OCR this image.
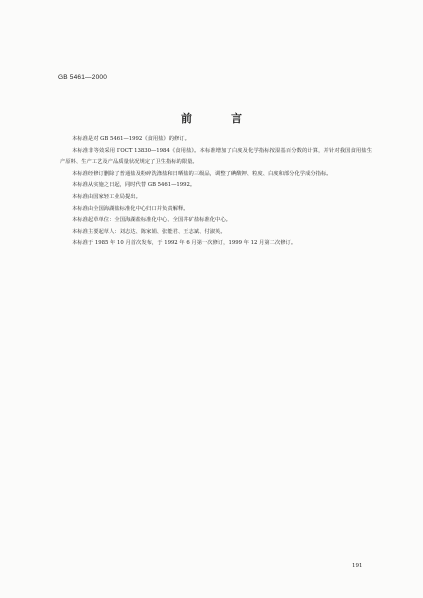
GB 5461—2000
前　言

本标准是对 GB 5461—1992《食用盐》的修订。

本标准非等效采用 ГОСТ 13830—1984《食用盐》。本标准增加了白度及化学指标按湿基百分数的计算，并针对我国食用盐生产原料、生产工艺及产品质量状况规定了卫生指标的限量。

本标准经修订删除了普通盐及粉碎洗涤盐和日晒盐的三级品，调整了碘酸钾、粒度、白度和部分化学成分指标。

本标准从实施之日起，同时代替 GB 5461—1992。

本标准由国家轻工业局提出。

本标准由全国海湖盐标准化中心归口并负责解释。

本标准起草单位：全国海湖盐标准化中心、全国井矿盐标准化中心。

本标准主要起草人：刘志达、陈家娟、张能君、王志斌、付淑英。

本标准于 1985 年 10 月首次发布，于 1992 年 6 月第一次修订，1999 年 12 月第二次修订。

191
